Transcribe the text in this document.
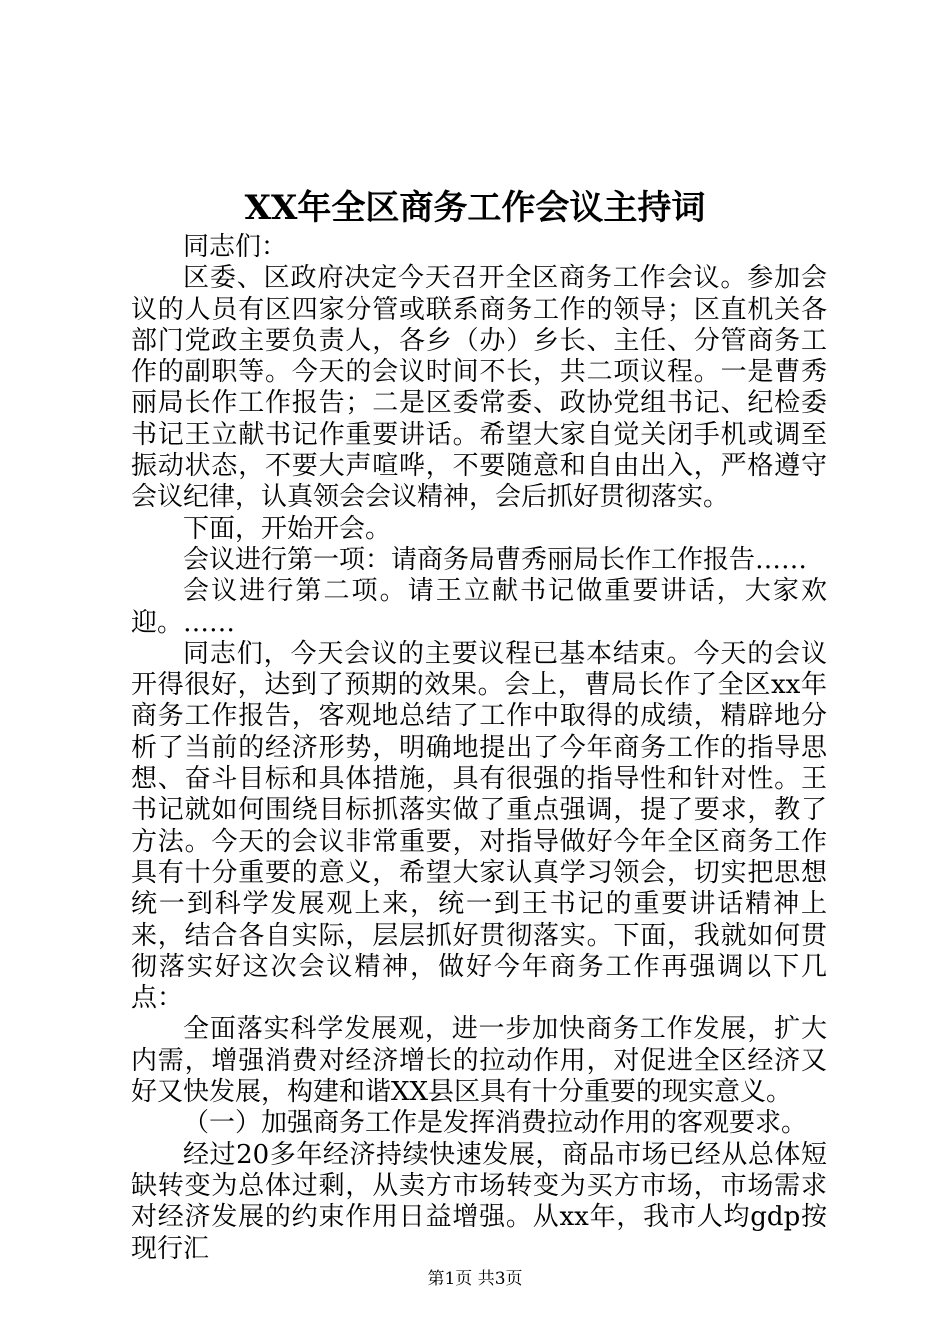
XX年全区商务工作会议主持词

同志们：

区委、区政府决定今天召开全区商务工作会议。参加会议的人员有区四家分管或联系商务工作的领导；区直机关各部门党政主要负责人，各乡（办）乡长、主任、分管商务工作的副职等。今天的会议时间不长，共二项议程。一是曹秀丽局长作工作报告；二是区委常委、政协党组书记、纪检委书记王立献书记作重要讲话。希望大家自觉关闭手机或调至振动状态，不要大声喧哗，不要随意和自由出入，严格遵守会议纪律，认真领会会议精神，会后抓好贯彻落实。

下面，开始开会。

会议进行第一项：请商务局曹秀丽局长作工作报告……

会议进行第二项。请王立献书记做重要讲话，大家欢迎。……

同志们，今天会议的主要议程已基本结束。今天的会议开得很好，达到了预期的效果。会上，曹局长作了全区xx年商务工作报告，客观地总结了工作中取得的成绩，精辟地分析了当前的经济形势，明确地提出了今年商务工作的指导思想、奋斗目标和具体措施，具有很强的指导性和针对性。王书记就如何围绕目标抓落实做了重点强调，提了要求，教了方法。今天的会议非常重要，对指导做好今年全区商务工作具有十分重要的意义，希望大家认真学习领会，切实把思想统一到科学发展观上来，统一到王书记的重要讲话精神上来，结合各自实际，层层抓好贯彻落实。下面，我就如何贯彻落实好这次会议精神，做好今年商务工作再强调以下几点：

全面落实科学发展观，进一步加快商务工作发展，扩大内需，增强消费对经济增长的拉动作用，对促进全区经济又好又快发展，构建和谐XX县区具有十分重要的现实意义。

（一）加强商务工作是发挥消费拉动作用的客观要求。

经过20多年经济持续快速发展，商品市场已经从总体短缺转变为总体过剩，从卖方市场转变为买方市场，市场需求对经济发展的约束作用日益增强。从xx年，我市人均gdp按现行汇

第1页 共3页
